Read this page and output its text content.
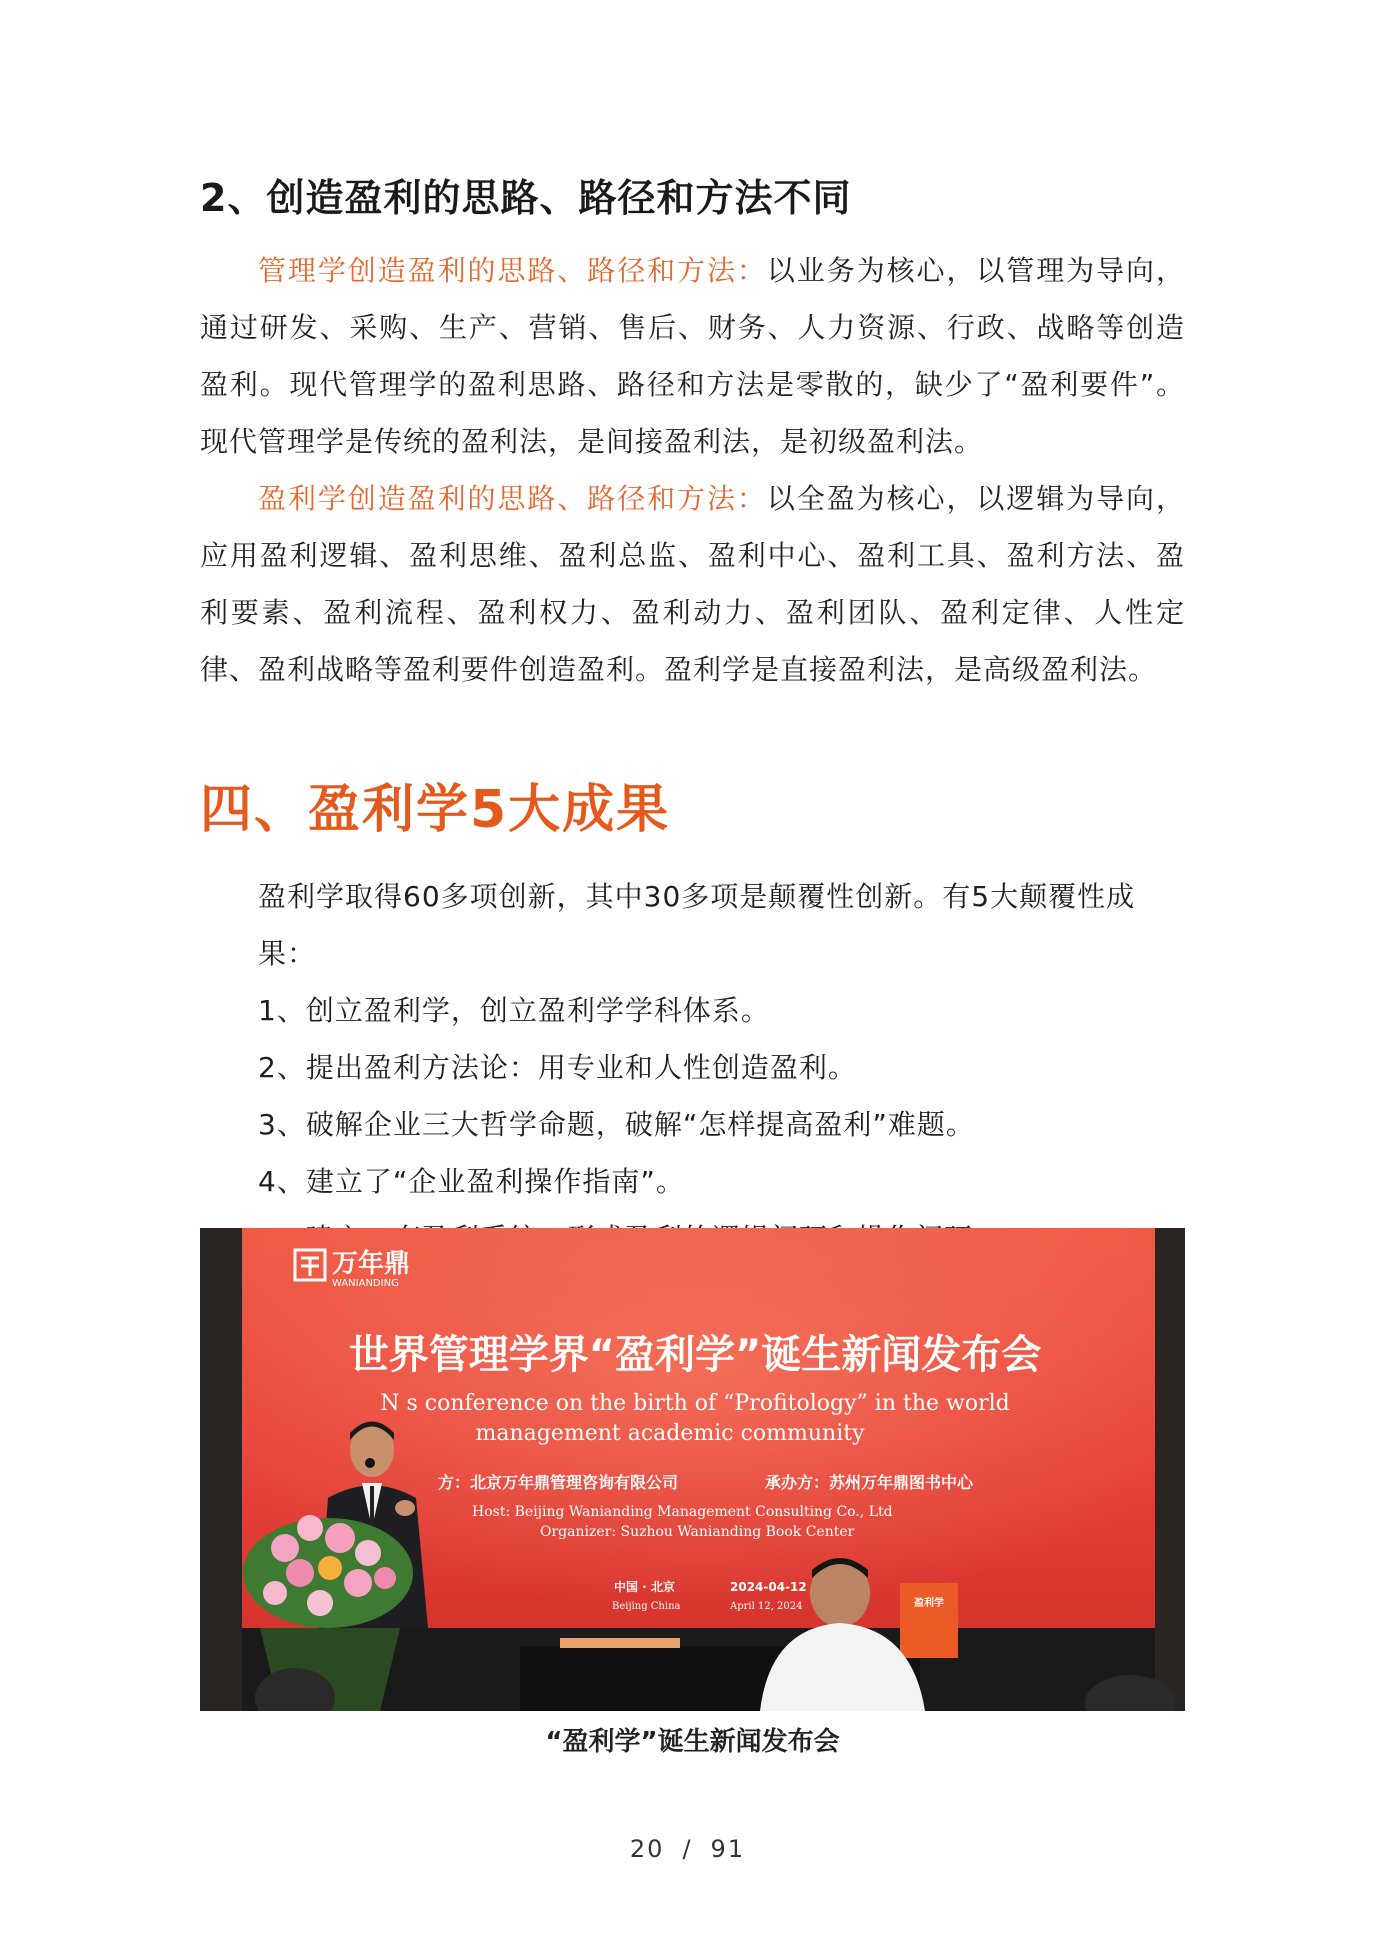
2、创造盈利的思路、路径和方法不同

管理学创造盈利的思路、路径和方法：以业务为核心，以管理为导向，通过研发、采购、生产、营销、售后、财务、人力资源、行政、战略等创造盈利。现代管理学的盈利思路、路径和方法是零散的，缺少了“盈利要件”。现代管理学是传统的盈利法，是间接盈利法，是初级盈利法。

盈利学创造盈利的思路、路径和方法：以全盈为核心，以逻辑为导向，应用盈利逻辑、盈利思维、盈利总监、盈利中心、盈利工具、盈利方法、盈利要素、盈利流程、盈利权力、盈利动力、盈利团队、盈利定律、人性定律、盈利战略等盈利要件创造盈利。盈利学是直接盈利法，是高级盈利法。

四、盈利学5大成果

盈利学取得60多项创新，其中30多项是颠覆性创新。有5大颠覆性成果：

1、创立盈利学，创立盈利学学科体系。
2、提出盈利方法论：用专业和人性创造盈利。
3、破解企业三大哲学命题，破解“怎样提高盈利”难题。
4、建立了“企业盈利操作指南”。
万年鼎
WANIANDING
世界管理学界“盈利学”诞生新闻发布会
N s conference on the birth of “Profitology” in the world
management academic community
方：北京万年鼎管理咨询有限公司	承办方：苏州万年鼎图书中心
Host: Beijing Wanianding Management Consulting Co., Ltd
Organizer: Suzhou Wanianding Book Center
中国 · 北京
Beijing China
2024-04-12
April 12, 2024	盈利学
“盈利学”诞生新闻发布会
20 / 91
